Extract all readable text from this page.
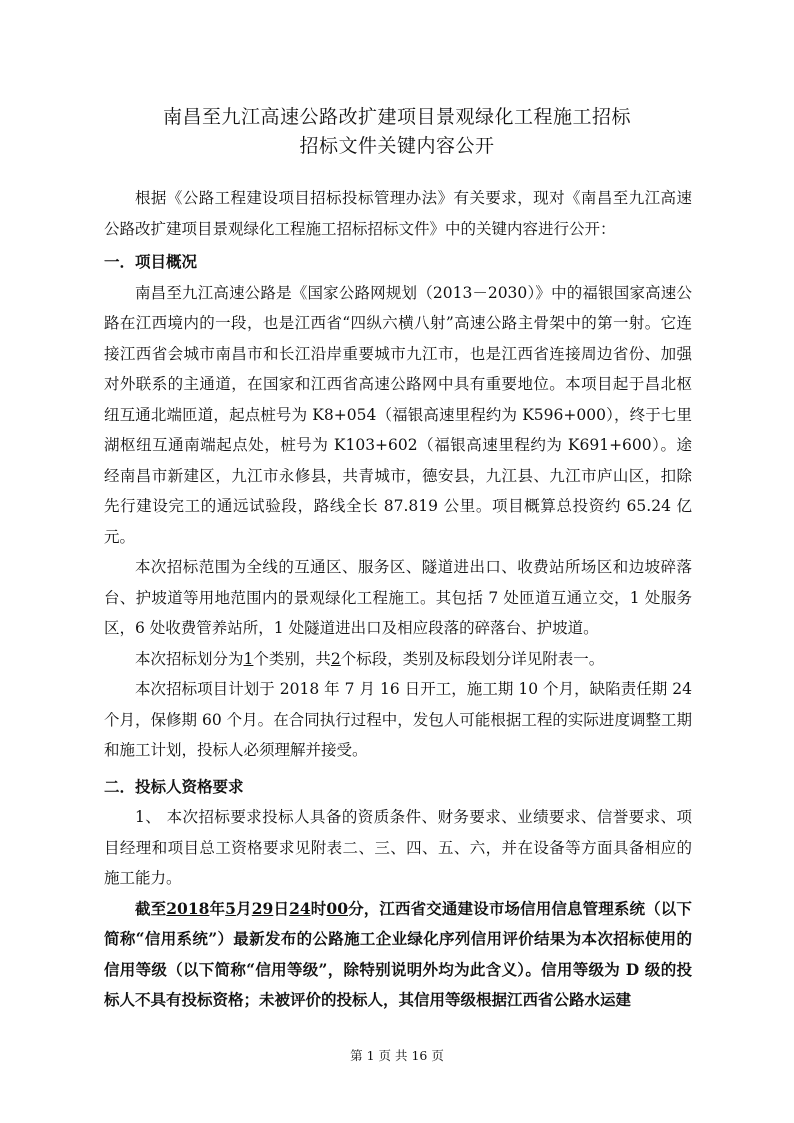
南昌至九江高速公路改扩建项目景观绿化工程施工招标
招标文件关键内容公开

根据《公路工程建设项目招标投标管理办法》有关要求，现对《南昌至九江高速公路改扩建项目景观绿化工程施工招标招标文件》中的关键内容进行公开：

一．项目概况

南昌至九江高速公路是《国家公路网规划（2013－2030）》中的福银国家高速公路在江西境内的一段，也是江西省“四纵六横八射”高速公路主骨架中的第一射。它连接江西省会城市南昌市和长江沿岸重要城市九江市，也是江西省连接周边省份、加强对外联系的主通道，在国家和江西省高速公路网中具有重要地位。本项目起于昌北枢纽互通北端匝道，起点桩号为 K8+054（福银高速里程约为 K596+000），终于七里湖枢纽互通南端起点处，桩号为 K103+602（福银高速里程约为 K691+600）。途经南昌市新建区，九江市永修县，共青城市，德安县，九江县、九江市庐山区，扣除先行建设完工的通远试验段，路线全长 87.819 公里。项目概算总投资约 65.24 亿元。

本次招标范围为全线的互通区、服务区、隧道进出口、收费站所场区和边坡碎落台、护坡道等用地范围内的景观绿化工程施工。其包括 7 处匝道互通立交，1 处服务区，6 处收费管养站所，1 处隧道进出口及相应段落的碎落台、护坡道。

本次招标划分为1个类别，共2个标段，类别及标段划分详见附表一。

本次招标项目计划于 2018 年 7 月 16 日开工，施工期 10 个月，缺陷责任期 24 个月，保修期 60 个月。在合同执行过程中，发包人可能根据工程的实际进度调整工期和施工计划，投标人必须理解并接受。

二．投标人资格要求

1、 本次招标要求投标人具备的资质条件、财务要求、业绩要求、信誉要求、项目经理和项目总工资格要求见附表二、三、四、五、六，并在设备等方面具备相应的施工能力。

截至2018年5月29日24时00分，江西省交通建设市场信用信息管理系统（以下简称“信用系统”）最新发布的公路施工企业绿化序列信用评价结果为本次招标使用的信用等级（以下简称“信用等级”，除特别说明外均为此含义）。信用等级为 D 级的投标人不具有投标资格；未被评价的投标人，其信用等级根据江西省公路水运建

第 1 页 共 16 页
